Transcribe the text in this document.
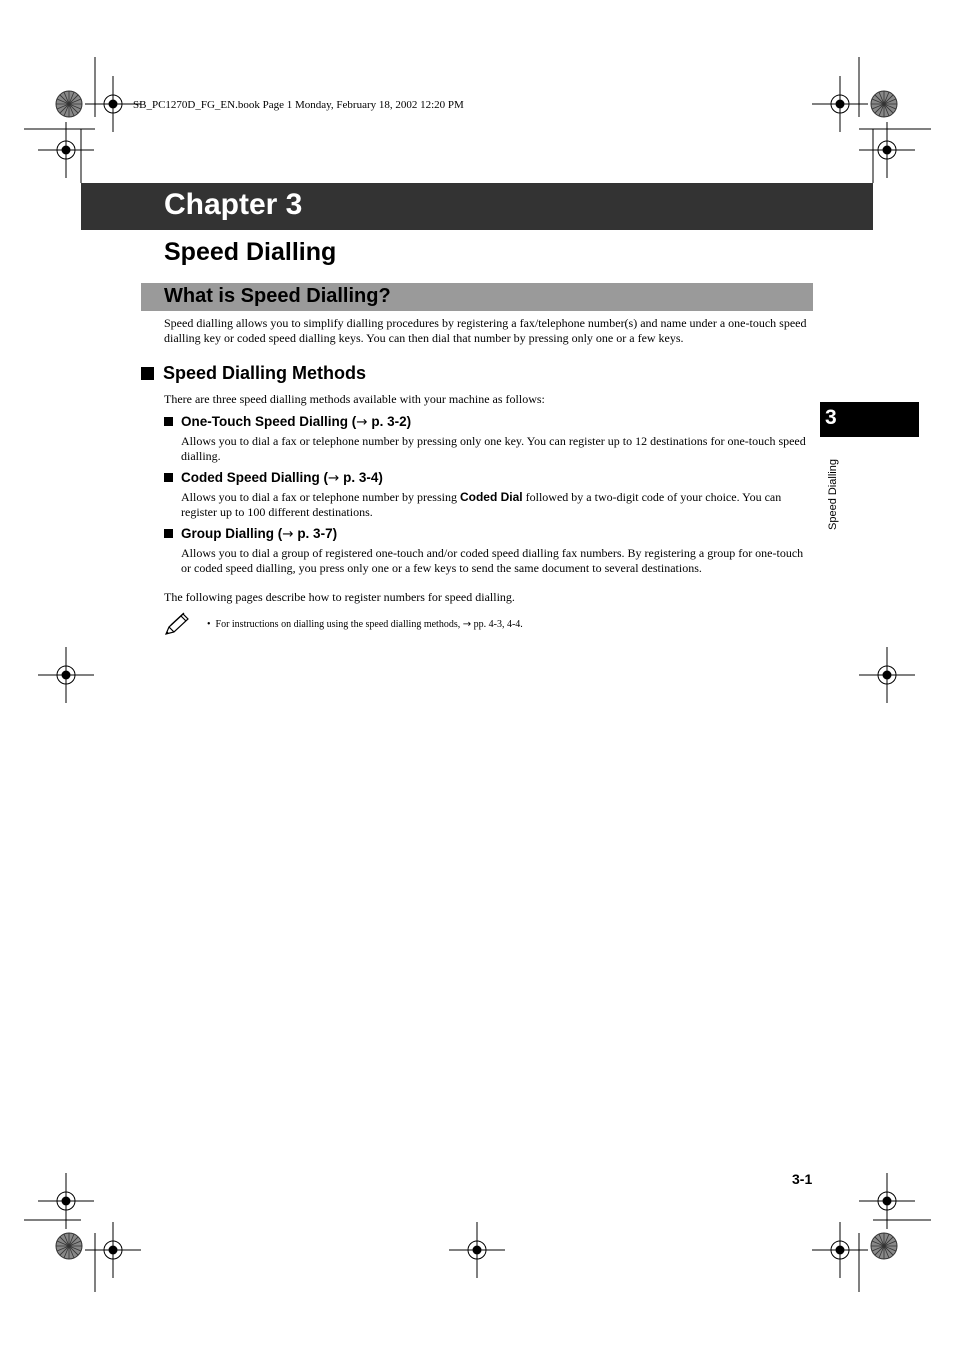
SB_PC1270D_FG_EN.book Page 1 Monday, February 18, 2002 12:20 PM
Chapter 3
Speed Dialling
What is Speed Dialling?
Speed dialling allows you to simplify dialling procedures by registering a fax/telephone number(s) and name under a one-touch speed dialling key or coded speed dialling keys. You can then dial that number by pressing only one or a few keys.
Speed Dialling Methods
There are three speed dialling methods available with your machine as follows:
One-Touch Speed Dialling (→ p. 3-2)
Allows you to dial a fax or telephone number by pressing only one key. You can register up to 12 destinations for one-touch speed dialling.
Coded Speed Dialling (→ p. 3-4)
Allows you to dial a fax or telephone number by pressing Coded Dial followed by a two-digit code of your choice. You can register up to 100 different destinations.
Group Dialling (→ p. 3-7)
Allows you to dial a group of registered one-touch and/or coded speed dialling fax numbers. By registering a group for one-touch or coded speed dialling, you press only one or a few keys to send the same document to several destinations.
The following pages describe how to register numbers for speed dialling.
• For instructions on dialling using the speed dialling methods, → pp. 4-3, 4-4.
3
Speed Dialling
3-1
